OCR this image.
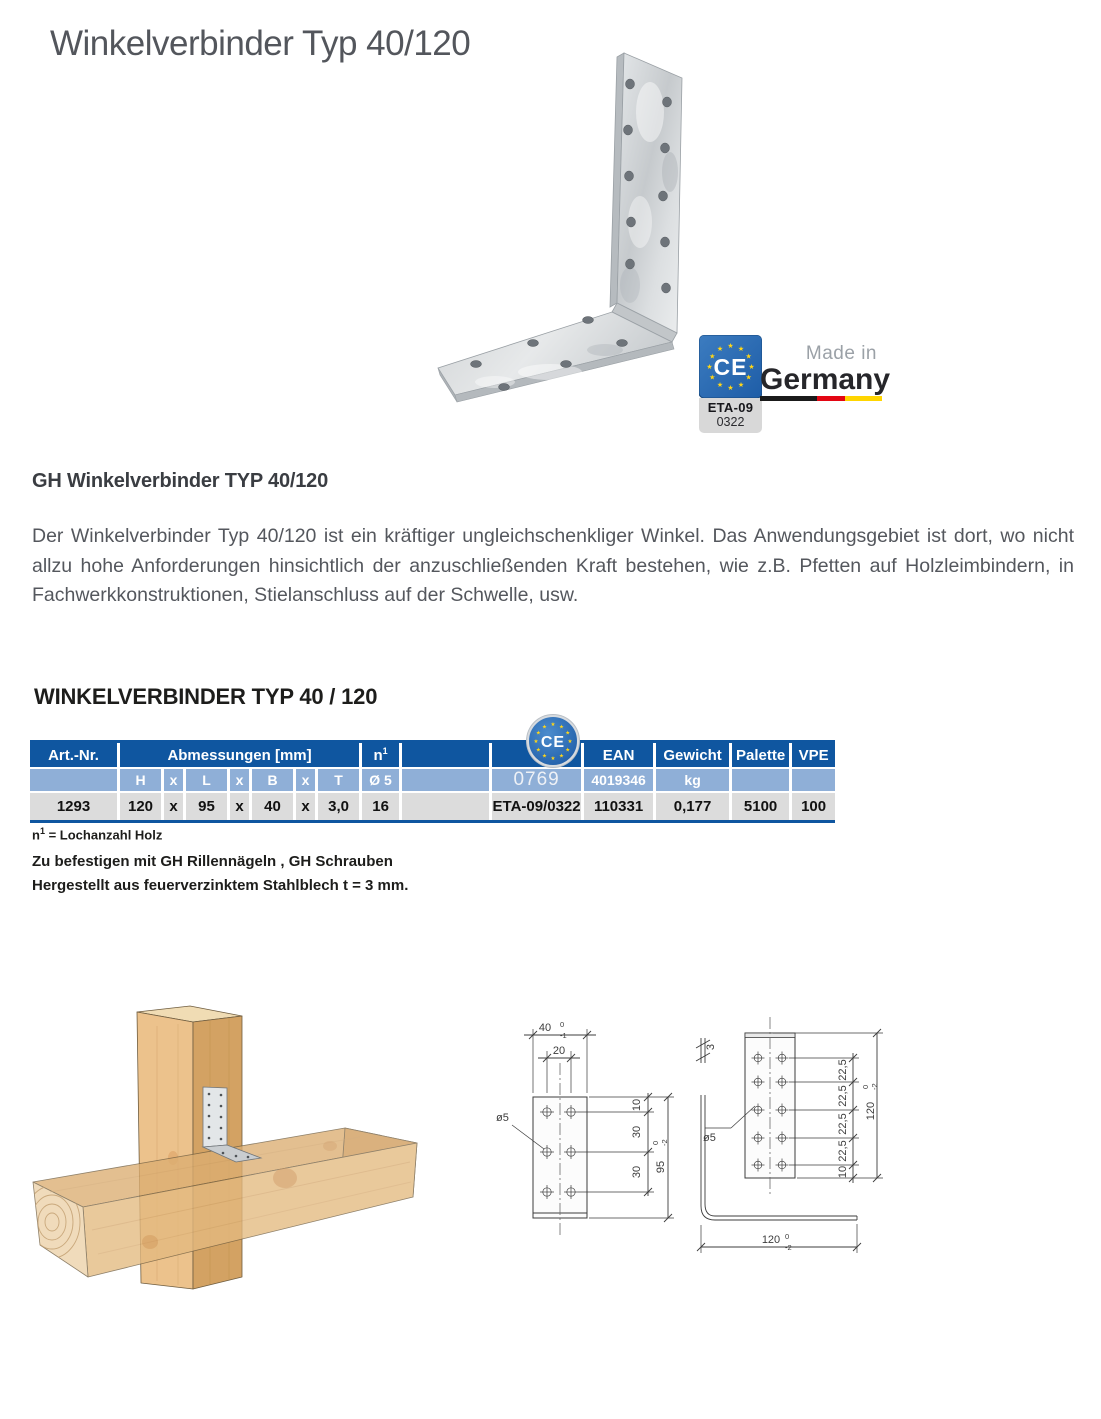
Winkelverbinder Typ 40/120
★ ★
★
★
★
★
★
★
★
★
★
★
CE
ETA-09
0322
Made in
Germany
GH Winkelverbinder TYP 40/120
Der Winkelverbinder Typ 40/120 ist ein kräftiger ungleichschenkliger Winkel. Das Anwendungsgebiet ist dort, wo nicht allzu hohe Anforderungen hinsichtlich der anzuschließenden Kraft bestehen, wie z.B. Pfetten auf Holzleimbindern, in Fachwerkkonstruktionen, Stielanschluss auf der Schwelle, usw.
WINKELVERBINDER TYP 40 / 120
★ ★
★
★
★
★
★
★
★
★
★
★
CE
Art.-Nr.	Abmessungen [mm]							$n^1$			EAN	Gewicht	Palette	VPE
	H	x	L	x	B	x	T	Ø 5		0769	4019346	kg		
1293	120	x	95	x	40	x	3,0	16		ETA-09/0322	110331	0,177	5100	100
$n^1$ = Lochanzahl Holz
Zu befestigen mit GH Rillennägeln , GH Schrauben
Hergestellt aus feuerverzinktem Stahlblech t = 3 mm.
40 0
-1
20
ø5
10
30
30 95
0 -2
3
ø5
22,5
22,5
22,5
22,5
10
120
0 -2
120 0
-2
